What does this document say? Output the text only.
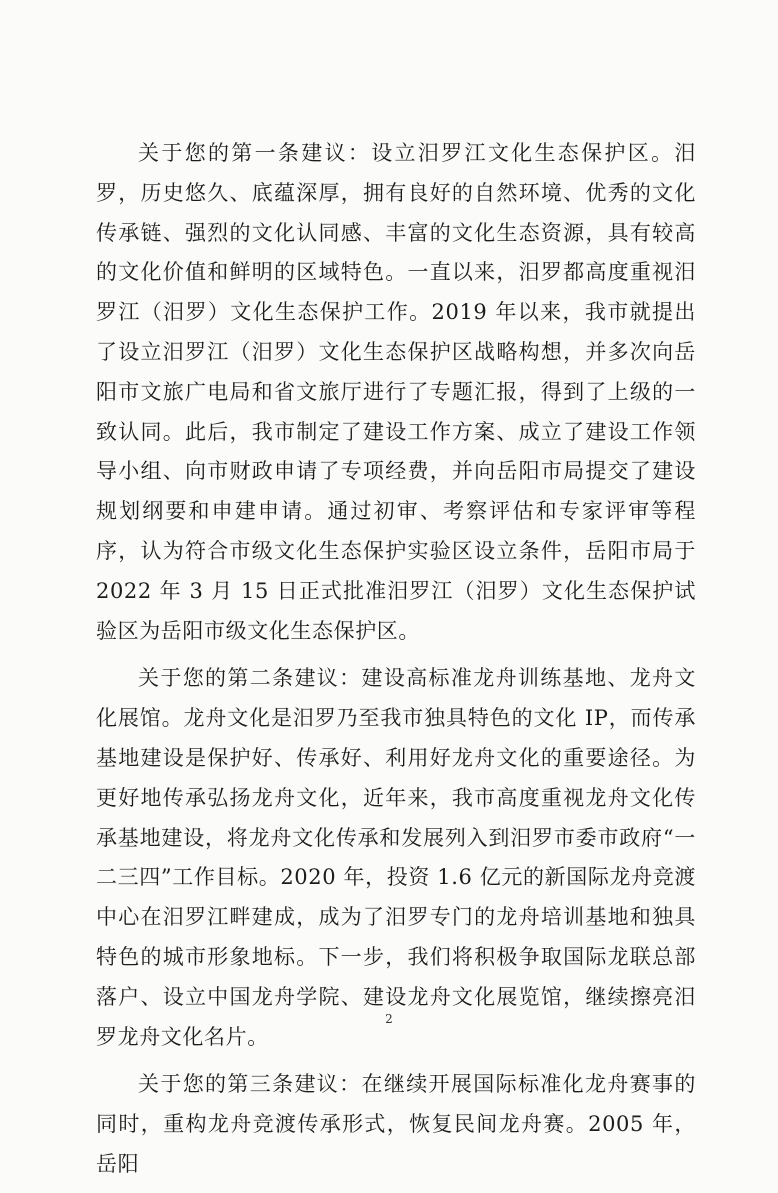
关于您的第一条建议：设立汨罗江文化生态保护区。汨罗，历史悠久、底蕴深厚，拥有良好的自然环境、优秀的文化传承链、强烈的文化认同感、丰富的文化生态资源，具有较高的文化价值和鲜明的区域特色。一直以来，汨罗都高度重视汨罗江（汨罗）文化生态保护工作。2019 年以来，我市就提出了设立汨罗江（汨罗）文化生态保护区战略构想，并多次向岳阳市文旅广电局和省文旅厅进行了专题汇报，得到了上级的一致认同。此后，我市制定了建设工作方案、成立了建设工作领导小组、向市财政申请了专项经费，并向岳阳市局提交了建设规划纲要和申建申请。通过初审、考察评估和专家评审等程序，认为符合市级文化生态保护实验区设立条件，岳阳市局于 2022 年 3 月 15 日正式批准汨罗江（汨罗）文化生态保护试验区为岳阳市级文化生态保护区。

关于您的第二条建议：建设高标准龙舟训练基地、龙舟文化展馆。龙舟文化是汨罗乃至我市独具特色的文化 IP，而传承基地建设是保护好、传承好、利用好龙舟文化的重要途径。为更好地传承弘扬龙舟文化，近年来，我市高度重视龙舟文化传承基地建设，将龙舟文化传承和发展列入到汨罗市委市政府“一二三四”工作目标。2020 年，投资 1.6 亿元的新国际龙舟竞渡中心在汨罗江畔建成，成为了汨罗专门的龙舟培训基地和独具特色的城市形象地标。下一步，我们将积极争取国际龙联总部落户、设立中国龙舟学院、建设龙舟文化展览馆，继续擦亮汨罗龙舟文化名片。

关于您的第三条建议：在继续开展国际标准化龙舟赛事的同时，重构龙舟竞渡传承形式，恢复民间龙舟赛。2005 年，岳阳

2
